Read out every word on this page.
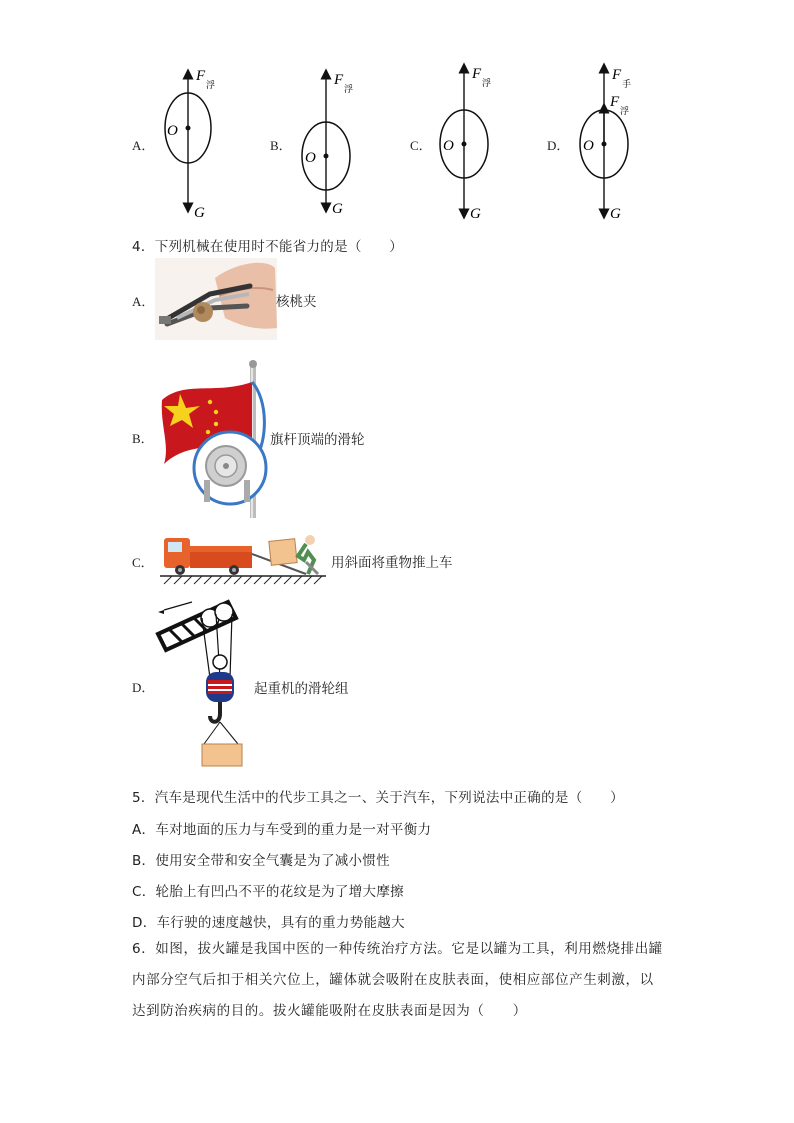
A．
F
浮
O
G
B．
F
浮
O
G
C．
F
浮
O
G
D．
F
手
F
浮
O
G
4．下列机械在使用时不能省力的是（　　）
A．	核桃夹
B．	旗杆顶端的滑轮
C．	用斜面将重物推上车
D．	起重机的滑轮组
5．汽车是现代生活中的代步工具之一、关于汽车，下列说法中正确的是（　　）
A．车对地面的压力与车受到的重力是一对平衡力
B．使用安全带和安全气囊是为了减小惯性
C．轮胎上有凹凸不平的花纹是为了增大摩擦
D．车行驶的速度越快，具有的重力势能越大
6．如图，拔火罐是我国中医的一种传统治疗方法。它是以罐为工具，利用燃烧排出罐
内部分空气后扣于相关穴位上，罐体就会吸附在皮肤表面，使相应部位产生刺激，以
达到防治疾病的目的。拔火罐能吸附在皮肤表面是因为（　　）
